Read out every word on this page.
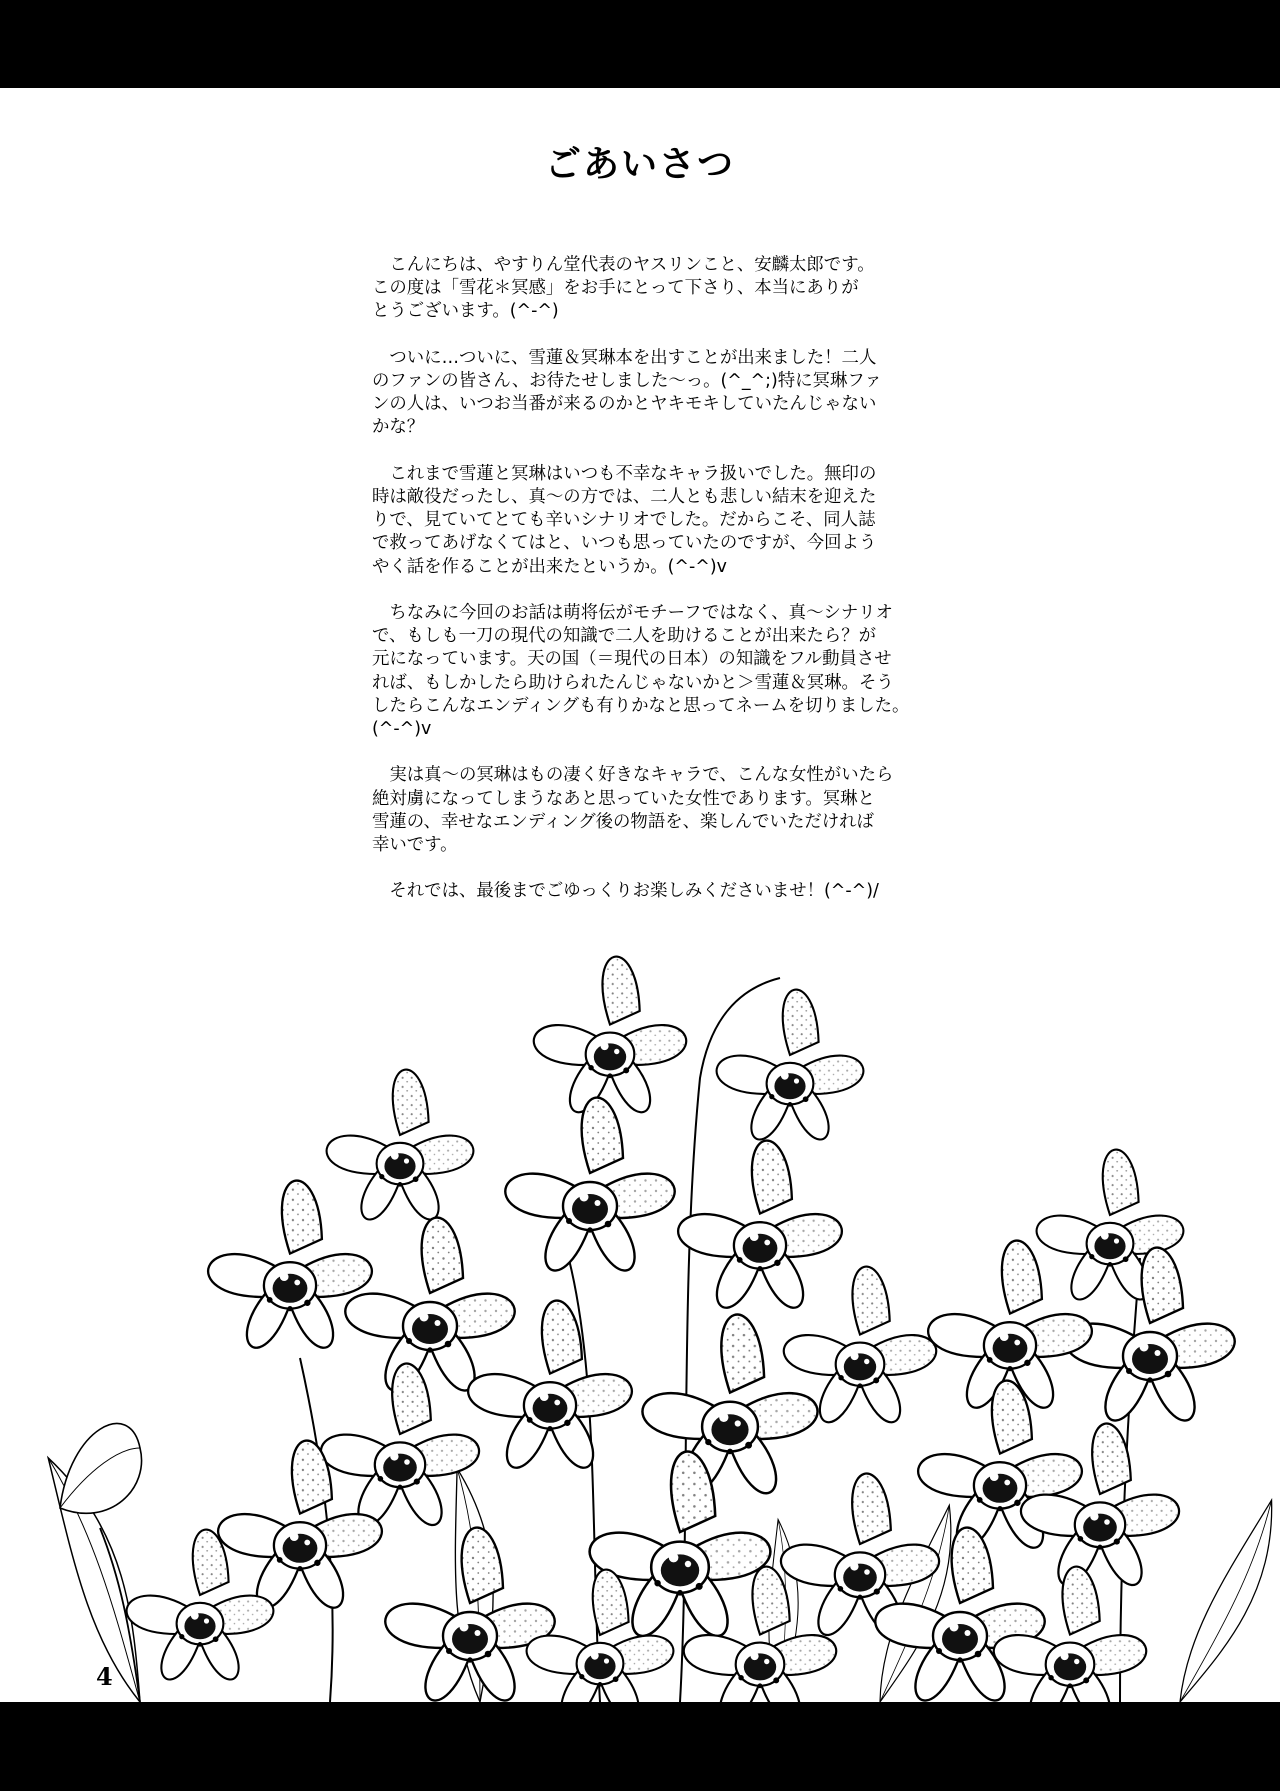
ごあいさつ

こんにちは、やすりん堂代表のヤスリンこと、安麟太郎です。
この度は「雪花＊冥感」をお手にとって下さり、本当にありが
とうございます。(^-^)

ついに…ついに、雪蓮＆冥琳本を出すことが出来ました！二人
のファンの皆さん、お待たせしました〜っ。(^_^;)特に冥琳ファ
ンの人は、いつお当番が来るのかとヤキモキしていたんじゃない
かな？

これまで雪蓮と冥琳はいつも不幸なキャラ扱いでした。無印の
時は敵役だったし、真〜の方では、二人とも悲しい結末を迎えた
りで、見ていてとても辛いシナリオでした。だからこそ、同人誌
で救ってあげなくてはと、いつも思っていたのですが、今回よう
やく話を作ることが出来たというか。(^-^)v

ちなみに今回のお話は萌将伝がモチーフではなく、真〜シナリオ
で、もしも一刀の現代の知識で二人を助けることが出来たら？が
元になっています。天の国（＝現代の日本）の知識をフル動員させ
れば、もしかしたら助けられたんじゃないかと＞雪蓮＆冥琳。そう
したらこんなエンディングも有りかなと思ってネームを切りました。
(^-^)v

実は真〜の冥琳はもの凄く好きなキャラで、こんな女性がいたら
絶対虜になってしまうなあと思っていた女性であります。冥琳と
雪蓮の、幸せなエンディング後の物語を、楽しんでいただければ
幸いです。

それでは、最後までごゆっくりお楽しみくださいませ！(^-^)/

4
